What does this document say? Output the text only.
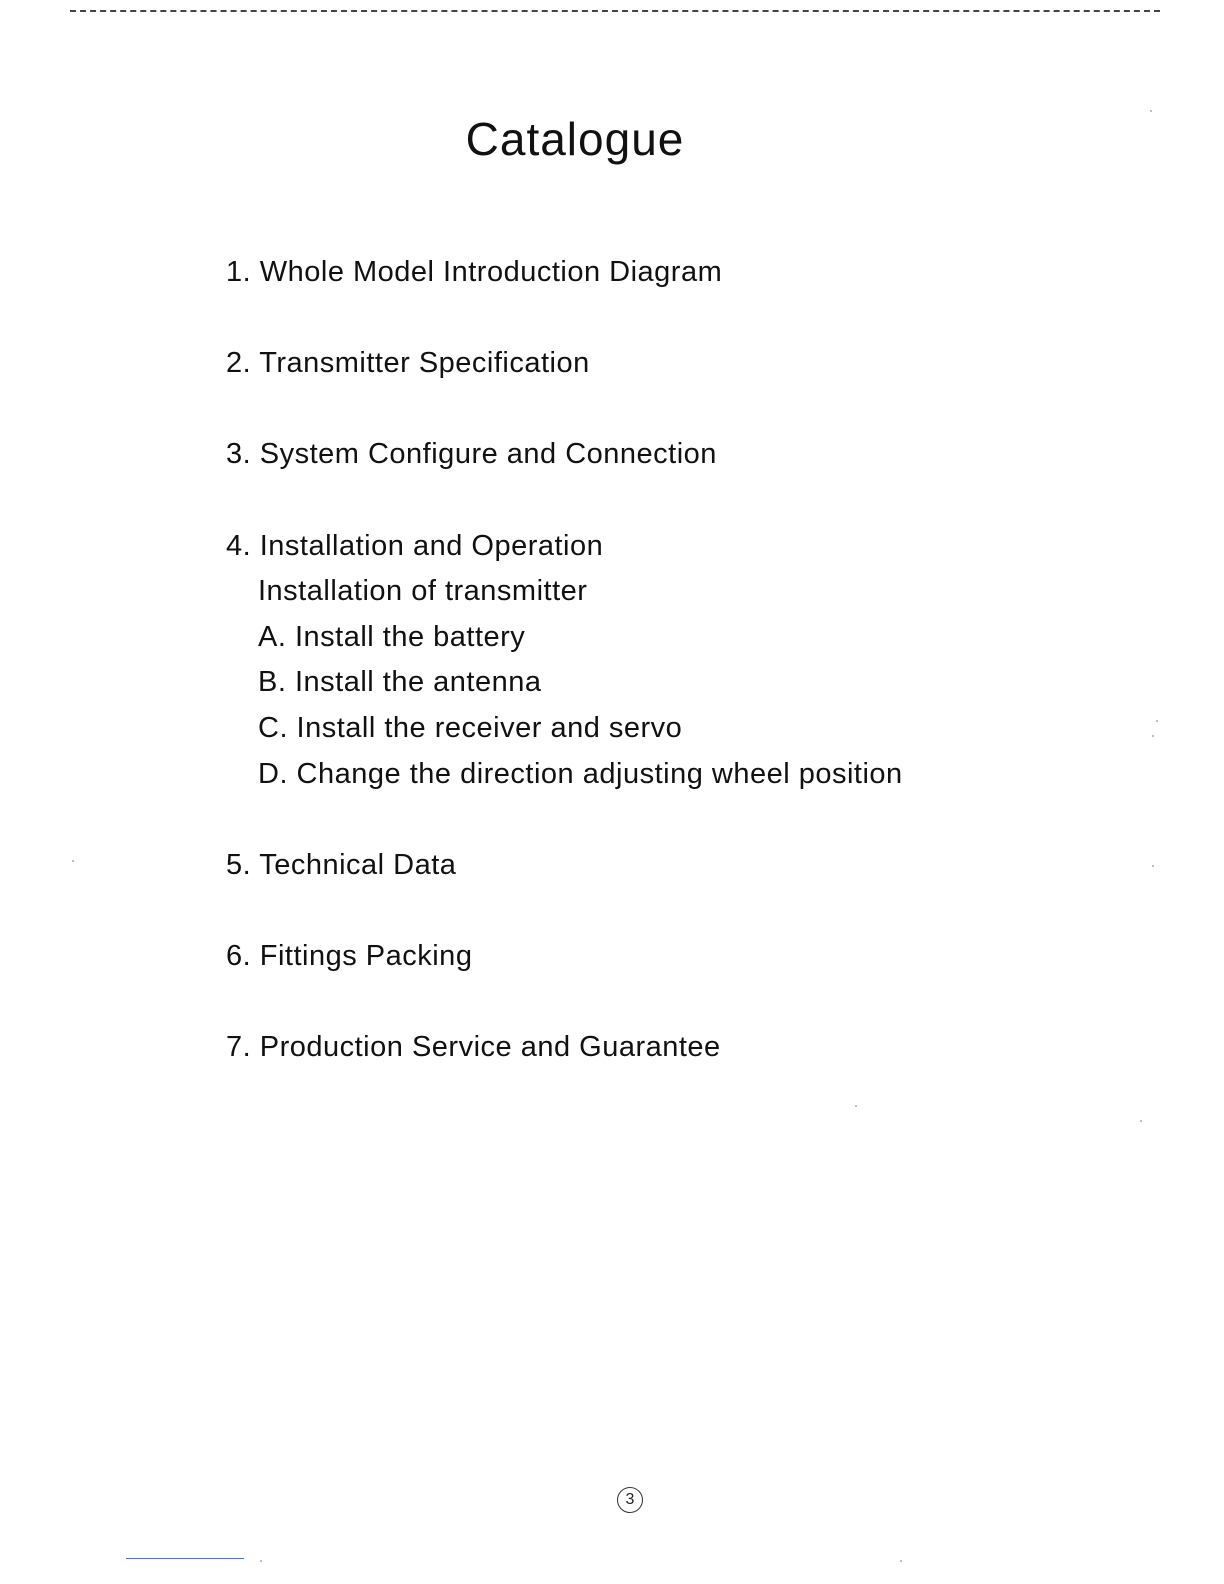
Catalogue
1. Whole Model Introduction Diagram
2. Transmitter Specification
3. System Configure and Connection
4. Installation and Operation
Installation of transmitter
A. Install the battery
B. Install the antenna
C. Install the receiver and servo
D. Change the direction adjusting wheel position
5. Technical Data
6. Fittings Packing
7. Production Service and Guarantee
3
